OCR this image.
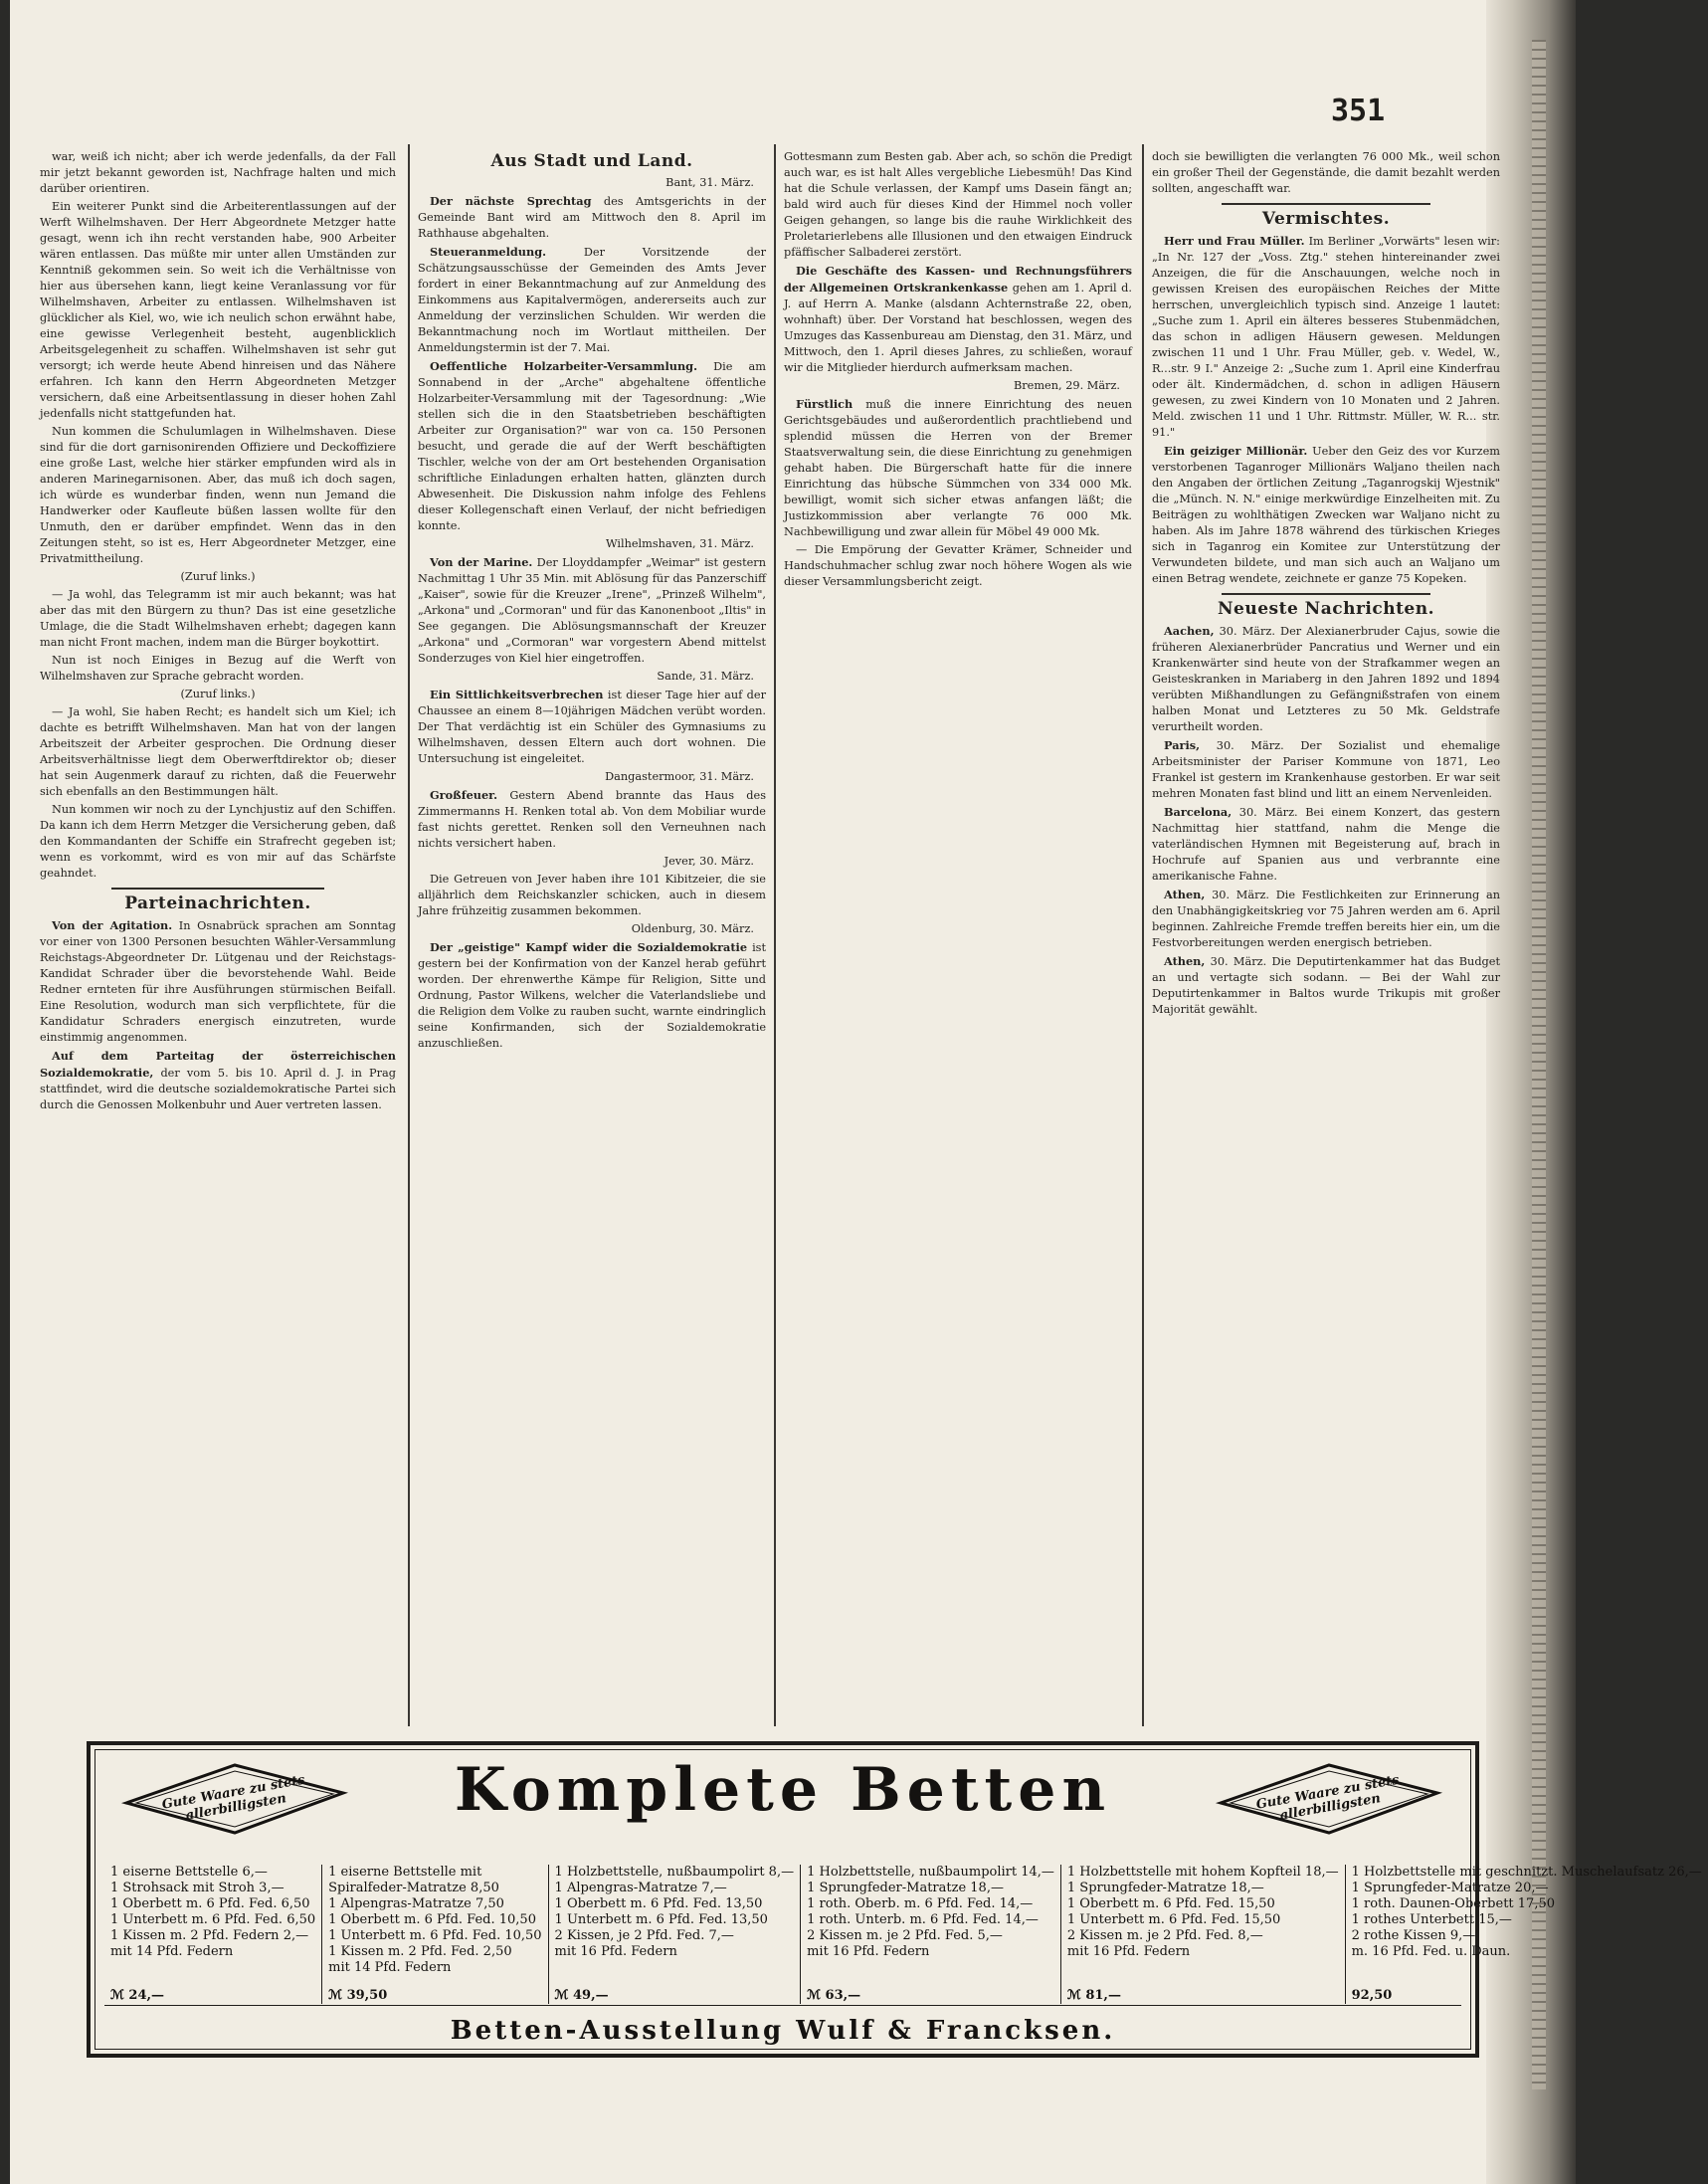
351

war, weiß ich nicht; aber ich werde jedenfalls, da der Fall mir jetzt bekannt geworden ist, Nachfrage halten und mich darüber orientiren.

Ein weiterer Punkt sind die Arbeiterentlassungen auf der Werft Wilhelmshaven. Der Herr Abgeordnete Metzger hatte gesagt, wenn ich ihn recht verstanden habe, 900 Arbeiter wären entlassen. Das müßte mir unter allen Umständen zur Kenntniß gekommen sein. So weit ich die Verhältnisse von hier aus übersehen kann, liegt keine Veranlassung vor für Wilhelmshaven, Arbeiter zu entlassen. Wilhelmshaven ist glücklicher als Kiel, wo, wie ich neulich schon erwähnt habe, eine gewisse Verlegenheit besteht, augenblicklich Arbeitsgelegenheit zu schaffen. Wilhelmshaven ist sehr gut versorgt; ich werde heute Abend hinreisen und das Nähere erfahren. Ich kann den Herrn Abgeordneten Metzger versichern, daß eine Arbeitsentlassung in dieser hohen Zahl jedenfalls nicht stattgefunden hat.

Nun kommen die Schulumlagen in Wilhelmshaven. Diese sind für die dort garnisonirenden Offiziere und Deckoffiziere eine große Last, welche hier stärker empfunden wird als in anderen Marinegarnisonen. Aber, das muß ich doch sagen, ich würde es wunderbar finden, wenn nun Jemand die Handwerker oder Kaufleute büßen lassen wollte für den Unmuth, den er darüber empfindet. Wenn das in den Zeitungen steht, so ist es, Herr Abgeordneter Metzger, eine Privatmittheilung.

(Zuruf links.)

— Ja wohl, das Telegramm ist mir auch bekannt; was hat aber das mit den Bürgern zu thun? Das ist eine gesetzliche Umlage, die die Stadt Wilhelmshaven erhebt; dagegen kann man nicht Front machen, indem man die Bürger boykottirt.

Nun ist noch Einiges in Bezug auf die Werft von Wilhelmshaven zur Sprache gebracht worden.

(Zuruf links.)

— Ja wohl, Sie haben Recht; es handelt sich um Kiel; ich dachte es betrifft Wilhelmshaven. Man hat von der langen Arbeitszeit der Arbeiter gesprochen. Die Ordnung dieser Arbeitsverhältnisse liegt dem Oberwerftdirektor ob; dieser hat sein Augenmerk darauf zu richten, daß die Feuerwehr sich ebenfalls an den Bestimmungen hält.

Nun kommen wir noch zu der Lynchjustiz auf den Schiffen. Da kann ich dem Herrn Metzger die Versicherung geben, daß den Kommandanten der Schiffe ein Strafrecht gegeben ist; wenn es vorkommt, wird es von mir auf das Schärfste geahndet.

Parteinachrichten.

Von der Agitation. In Osnabrück sprachen am Sonntag vor einer von 1300 Personen besuchten Wähler-Versammlung Reichstags-Abgeordneter Dr. Lütgenau und der Reichstags-Kandidat Schrader über die bevorstehende Wahl. Beide Redner ernteten für ihre Ausführungen stürmischen Beifall. Eine Resolution, wodurch man sich verpflichtete, für die Kandidatur Schraders energisch einzutreten, wurde einstimmig angenommen.

Auf dem Parteitag der österreichischen Sozialdemokratie, der vom 5. bis 10. April d. J. in Prag stattfindet, wird die deutsche sozialdemokratische Partei sich durch die Genossen Molkenbuhr und Auer vertreten lassen.

Aus Stadt und Land.
Bant, 31. März.

Der nächste Sprechtag des Amtsgerichts in der Gemeinde Bant wird am Mittwoch den 8. April im Rathhause abgehalten.

Steueranmeldung.	Der Vorsitzende der Schätzungsausschüsse der Gemeinden des Amts Jever fordert in einer Bekanntmachung auf zur Anmeldung des Einkommens aus Kapitalvermögen, andererseits auch zur Anmeldung der verzinslichen Schulden. Wir werden die Bekanntmachung noch im Wortlaut mittheilen. Der Anmeldungstermin ist der 7. Mai.

Oeffentliche Holzarbeiter-Versammlung. Die am Sonnabend in der „Arche" abgehaltene öffentliche Holzarbeiter-Versammlung mit der Tagesordnung: „Wie stellen sich die in den Staatsbetrieben beschäftigten Arbeiter zur Organisation?" war von ca. 150 Personen besucht, und gerade die auf der Werft beschäftigten Tischler, welche von der am Ort bestehenden Organisation schriftliche Einladungen erhalten hatten, glänzten durch Abwesenheit. Die Diskussion nahm infolge des Fehlens dieser Kollegenschaft einen Verlauf, der nicht befriedigen konnte.

Wilhelmshaven, 31. März.

Von der Marine. Der Lloyddampfer „Weimar" ist gestern Nachmittag 1 Uhr 35 Min. mit Ablösung für das Panzerschiff „Kaiser", sowie für die Kreuzer „Irene", „Prinzeß Wilhelm", „Arkona" und „Cormoran" und für das Kanonenboot „Iltis" in See gegangen. Die Ablösungsmannschaft der Kreuzer „Arkona" und „Cormoran" war vorgestern Abend mittelst Sonderzuges von Kiel hier eingetroffen.

Sande, 31. März.

Ein Sittlichkeitsverbrechen ist dieser Tage hier auf der Chaussee an einem 8—10jährigen Mädchen verübt worden. Der That verdächtig ist ein Schüler des Gymnasiums zu Wilhelmshaven, dessen Eltern auch dort wohnen. Die Untersuchung ist eingeleitet.

Dangastermoor, 31. März.

Großfeuer. Gestern Abend brannte das Haus des Zimmermanns H. Renken total ab. Von dem Mobiliar wurde fast nichts gerettet. Renken soll den Verneuhnen nach nichts versichert haben.

Jever, 30. März.

Die Getreuen von Jever haben ihre 101 Kibitzeier, die sie alljährlich dem Reichskanzler schicken, auch in diesem Jahre frühzeitig zusammen bekommen.

Oldenburg, 30. März.

Der „geistige" Kampf wider die Sozialdemokratie ist gestern bei der Konfirmation von der Kanzel herab geführt worden. Der ehrenwerthe Kämpe für Religion, Sitte und Ordnung, Pastor Wilkens, welcher die Vaterlandsliebe und die Religion dem Volke zu rauben sucht, warnte eindringlich seine Konfirmanden, sich der Sozialdemokratie anzuschließen.

Gottesmann zum Besten gab. Aber ach, so schön die Predigt auch war, es ist halt Alles vergebliche Liebesmüh! Das Kind hat die Schule verlassen, der Kampf ums Dasein fängt an; bald wird auch für dieses Kind der Himmel noch voller Geigen gehangen, so lange bis die rauhe Wirklichkeit des Proletarierlebens alle Illusionen und den etwaigen Eindruck pfäffischer Salbaderei zerstört.

Die Geschäfte des Kassen- und Rechnungsführers der Allgemeinen Ortskrankenkasse gehen am 1. April d. J. auf Herrn A. Manke (alsdann Achternstraße 22, oben, wohnhaft) über. Der Vorstand hat beschlossen, wegen des Umzuges das Kassenbureau am Dienstag, den 31. März, und Mittwoch, den 1. April dieses Jahres, zu schließen, worauf wir die Mitglieder hierdurch aufmerksam machen.

Bremen, 29. März.

Fürstlich muß die innere Einrichtung des neuen Gerichtsgebäudes und außerordentlich prachtliebend und splendid müssen die Herren von der Bremer Staatsverwaltung sein, die diese Einrichtung zu genehmigen gehabt haben. Die Bürgerschaft hatte für die innere Einrichtung das hübsche Sümmchen von 334 000 Mk. bewilligt, womit sich sicher etwas anfangen läßt; die Justizkommission aber verlangte 76 000 Mk. Nachbewilligung und zwar allein für Möbel 49 000 Mk.

— Die Empörung der Gevatter Krämer, Schneider und Handschuhmacher schlug zwar noch höhere Wogen als wie dieser Versammlungsbericht zeigt.

doch sie bewilligten die verlangten 76 000 Mk., weil schon ein großer Theil der Gegenstände, die damit bezahlt werden sollten, angeschafft war.

Vermischtes.

Herr und Frau Müller. Im Berliner „Vorwärts" lesen wir: „In Nr. 127 der „Voss. Ztg." stehen hintereinander zwei Anzeigen, die für die Anschauungen, welche noch in gewissen Kreisen des europäischen Reiches der Mitte herrschen, unvergleichlich typisch sind. Anzeige 1 lautet: „Suche zum 1. April ein älteres besseres Stubenmädchen, das schon in adligen Häusern gewesen. Meldungen zwischen 11 und 1 Uhr. Frau Müller, geb. v. Wedel, W., R...str. 9 I." Anzeige 2: „Suche zum 1. April eine Kinderfrau oder ält. Kindermädchen, d. schon in adligen Häusern gewesen, zu zwei Kindern von 10 Monaten und 2 Jahren. Meld. zwischen 11 und 1 Uhr. Rittmstr. Müller, W. R... str. 91."

Ein geiziger Millionär. Ueber den Geiz des vor Kurzem verstorbenen Taganroger Millionärs Waljano theilen nach den Angaben der örtlichen Zeitung „Taganrogskij Wjestnik" die „Münch. N. N." einige merkwürdige Einzelheiten mit. Zu Beiträgen zu wohlthätigen Zwecken war Waljano nicht zu haben. Als im Jahre 1878 während des türkischen Krieges sich in Taganrog ein Komitee zur Unterstützung der Verwundeten bildete, und man sich auch an Waljano um einen Betrag wendete, zeichnete er ganze 75 Kopeken.

Neueste Nachrichten.

Aachen, 30. März. Der Alexianerbruder Cajus, sowie die früheren Alexianerbrüder Pancratius und Werner und ein Krankenwärter sind heute von der Strafkammer wegen an Geisteskranken in Mariaberg in den Jahren 1892 und 1894 verübten Mißhandlungen zu Gefängnißstrafen von einem halben Monat und Letzteres zu 50 Mk. Geldstrafe verurtheilt worden.

Paris, 30. März. Der Sozialist und ehemalige Arbeitsminister der Pariser Kommune von 1871, Leo Frankel ist gestern im Krankenhause gestorben. Er war seit mehren Monaten fast blind und litt an einem Nervenleiden.

Barcelona, 30. März. Bei einem Konzert, das gestern Nachmittag hier stattfand, nahm die Menge die vaterländischen Hymnen mit Begeisterung auf, brach in Hochrufe auf Spanien aus und verbrannte eine amerikanische Fahne.

Athen, 30. März. Die Festlichkeiten zur Erinnerung an den Unabhängigkeitskrieg vor 75 Jahren werden am 6. April beginnen. Zahlreiche Fremde treffen bereits hier ein, um die Festvorbereitungen werden energisch betrieben.

Athen, 30. März. Die Deputirtenkammer hat das Budget an und vertagte sich sodann. — Bei der Wahl zur Deputirtenkammer in Baltos wurde Trikupis mit großer Majorität gewählt.

Gute Waare zu stets allerbilligsten	Komplete Betten	Gute Waare zu stets allerbilligsten
1 eiserne Bettstelle 6,—
1 Strohsack mit Stroh 3,—
1 Oberbett m. 6 Pfd. Fed. 6,50
1 Unterbett m. 6 Pfd. Fed. 6,50
1 Kissen m. 2 Pfd. Federn 2,—
mit 14 Pfd. Federn
ℳ 24,—
1 eiserne Bettstelle mit
Spiralfeder-Matratze 8,50
1 Alpengras-Matratze 7,50
1 Oberbett m. 6 Pfd. Fed. 10,50
1 Unterbett m. 6 Pfd. Fed. 10,50
1 Kissen m. 2 Pfd. Fed. 2,50
mit 14 Pfd. Federn
ℳ 39,50
1 Holzbettstelle, nußbaumpolirt 8,—
1 Alpengras-Matratze 7,—
1 Oberbett m. 6 Pfd. Fed. 13,50
1 Unterbett m. 6 Pfd. Fed. 13,50
2 Kissen, je 2 Pfd. Fed. 7,—
mit 16 Pfd. Federn
ℳ 49,—
1 Holzbettstelle, nußbaumpolirt 14,—
1 Sprungfeder-Matratze 18,—
1 roth. Oberb. m. 6 Pfd. Fed. 14,—
1 roth. Unterb. m. 6 Pfd. Fed. 14,—
2 Kissen m. je 2 Pfd. Fed. 5,—
mit 16 Pfd. Federn
ℳ 63,—
1 Holzbettstelle mit hohem Kopfteil 18,—
1 Sprungfeder-Matratze 18,—
1 Oberbett m. 6 Pfd. Fed. 15,50
1 Unterbett m. 6 Pfd. Fed. 15,50
2 Kissen m. je 2 Pfd. Fed. 8,—
mit 16 Pfd. Federn
ℳ 81,—
1 Holzbettstelle mit geschnitzt. Muschelaufsatz 26,—
1 Sprungfeder-Matratze 20,—
1 roth. Daunen-Oberbett 17,50
1 rothes Unterbett 15,—
2 rothe Kissen 9,—
m. 16 Pfd. Fed. u. Daun.
92,50
Betten-Ausstellung Wulf & Francksen.
